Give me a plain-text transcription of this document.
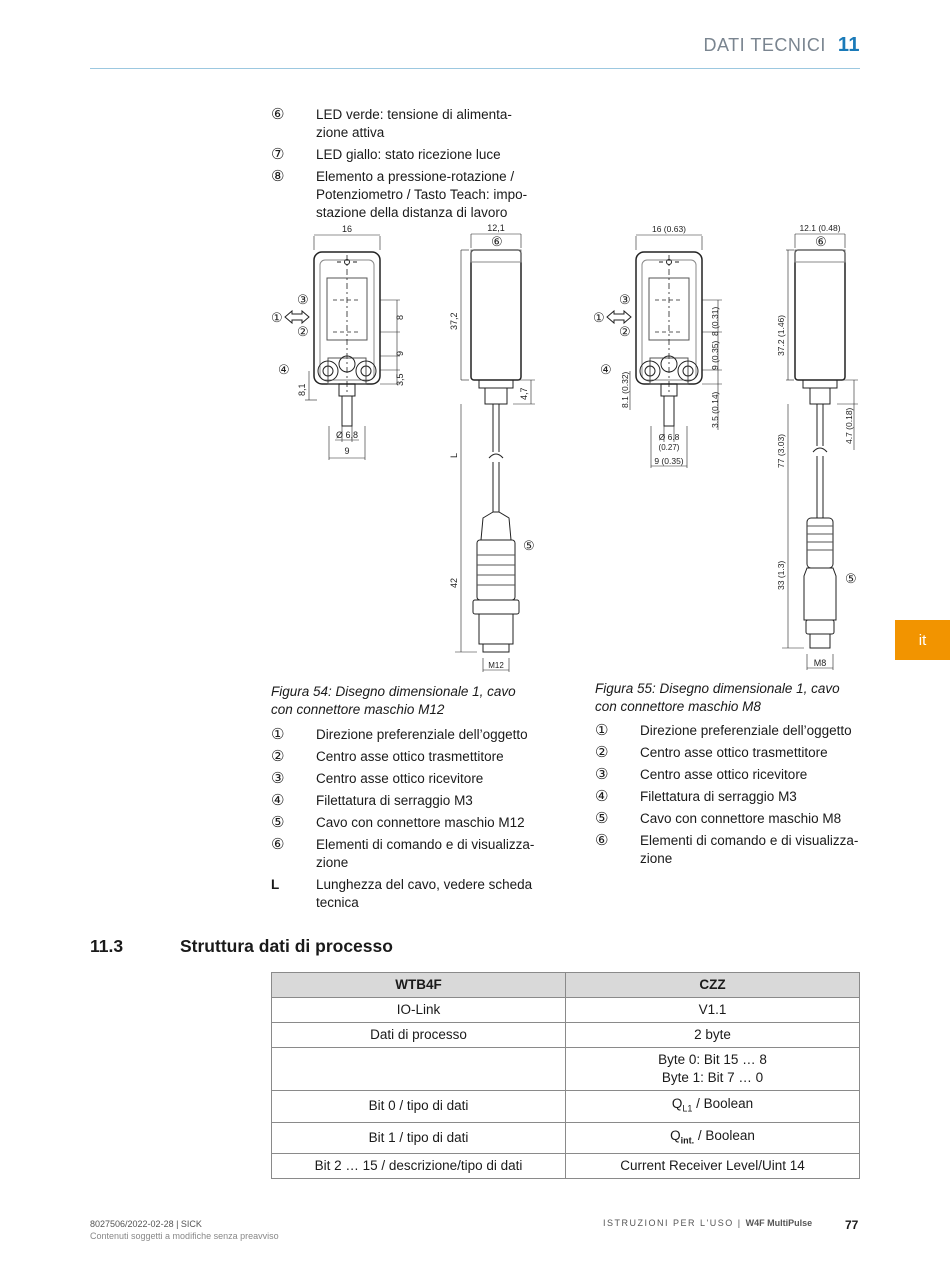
DATI TECNICI 11
it
⑥	LED verde: tensione di alimenta-zione attiva
⑦	LED giallo: stato ricezione luce
⑧	Elemento a pressione-rotazione / Potenziometro / Tasto Teach: impo-stazione della distanza di lavoro
16
8
9
3,5
8,1
Ø 6,8
9
12,1
37,2
4,7
L
42
M12
①
②
③
④
⑤
⑥
16 (0.63)
8 (0.31)
9 (0.35)
3.5 (0.14)
8.1 (0.32)
Ø 6.8
(0.27)
9 (0.35)
12.1 (0.48)
37.2 (1.46)
4.7 (0.18)
77 (3.03)
33 (1.3)
M8
①
②
③
④
⑤
⑥
Figura 54: Disegno dimensionale 1, cavo con connettore maschio M12
Figura 55: Disegno dimensionale 1, cavo con connettore maschio M8
①	Direzione preferenziale dell’oggetto
②	Centro asse ottico trasmettitore
③	Centro asse ottico ricevitore
④	Filettatura di serraggio M3
⑤	Cavo con connettore maschio M12
⑥	Elementi di comando e di visualizza-zione
L	Lunghezza del cavo, vedere scheda tecnica
①	Direzione preferenziale dell’oggetto
②	Centro asse ottico trasmettitore
③	Centro asse ottico ricevitore
④	Filettatura di serraggio M3
⑤	Cavo con connettore maschio M8
⑥	Elementi di comando e di visualizza-zione
11.3	Struttura dati di processo
WTB4F	CZZ
IO-Link	V1.1
Dati di processo	2 byte

	Byte 0: Bit 15 … 8
Byte 1: Bit 7 … 0

Bit 0 / tipo di dati	$Q_{L1}$ / Boolean
Bit 1 / tipo di dati	$Q_{int.}$ / Boolean
Bit 2 … 15 / descrizione/tipo di dati	Current Receiver Level/Uint 14
8027506/2022-02-28 | SICK
Contenuti soggetti a modifiche senza preavviso
ISTRUZIONI PER L'USO | W4F MultiPulse	77
